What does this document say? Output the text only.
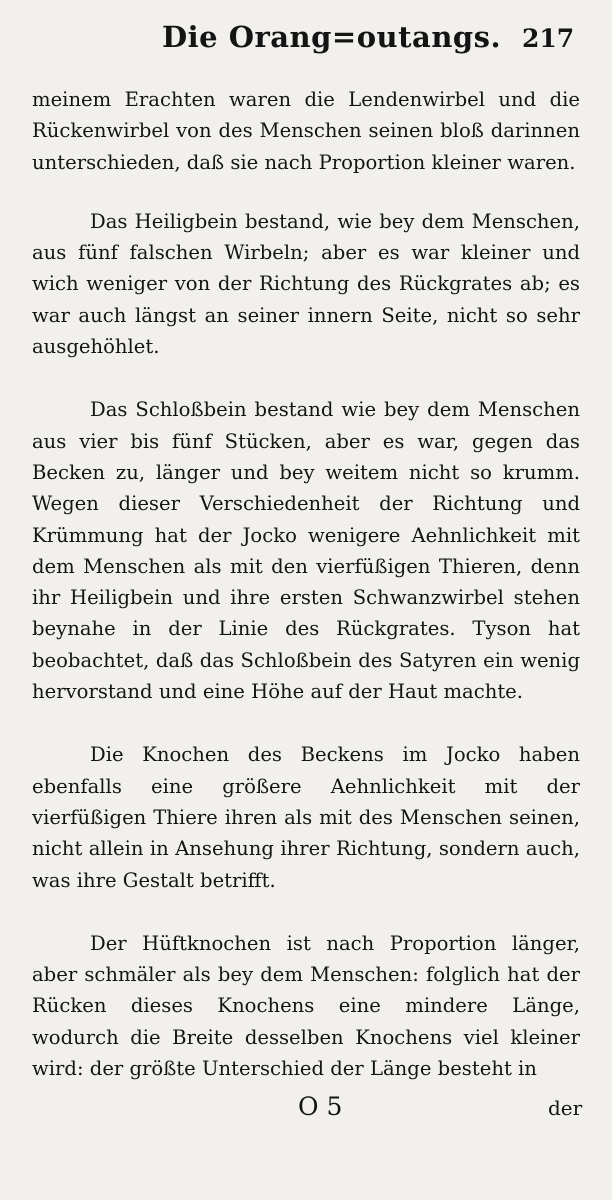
Die Orang=outangs. 217

meinem Erachten waren die Lendenwirbel und die Rückenwirbel von des Menschen seinen bloß darinnen unterschieden, daß sie nach Proportion kleiner waren.

Das Heiligbein bestand, wie bey dem Menschen, aus fünf falschen Wirbeln; aber es war kleiner und wich weniger von der Richtung des Rückgrates ab; es war auch längst an seiner innern Seite, nicht so sehr ausgehöhlet.

Das Schloßbein bestand wie bey dem Menschen aus vier bis fünf Stücken, aber es war, gegen das Becken zu, länger und bey weitem nicht so krumm. Wegen dieser Verschiedenheit der Richtung und Krümmung hat der Jocko wenigere Aehnlichkeit mit dem Menschen als mit den vierfüßigen Thieren, denn ihr Heiligbein und ihre ersten Schwanzwirbel stehen beynahe in der Linie des Rückgrates. Tyson hat beobachtet, daß das Schloßbein des Satyren ein wenig hervorstand und eine Höhe auf der Haut machte.

Die Knochen des Beckens im Jocko haben ebenfalls eine größere Aehnlichkeit mit der vierfüßigen Thiere ihren als mit des Menschen seinen, nicht allein in Ansehung ihrer Richtung, sondern auch, was ihre Gestalt betrifft.

Der Hüftknochen ist nach Proportion länger, aber schmäler als bey dem Menschen: folglich hat der Rücken dieses Knochens eine mindere Länge, wodurch die Breite desselben Knochens viel kleiner wird: der größte Unterschied der Länge besteht in

O 5	der
